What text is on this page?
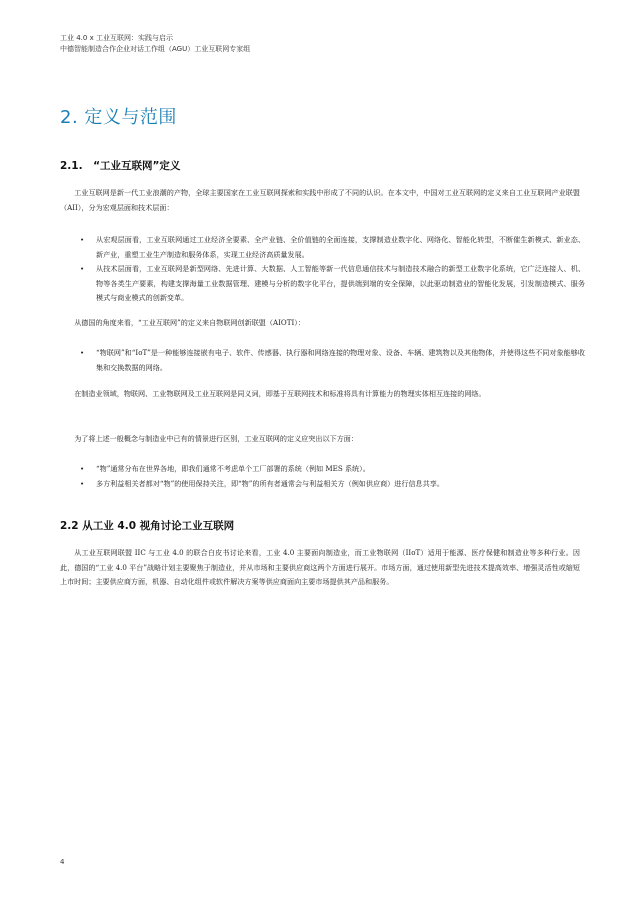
工业 4.0 x 工业互联网：实践与启示
中德智能制造合作企业对话工作组（AGU）工业互联网专家组
2. 定义与范围
2.1.　“工业互联网”定义

工业互联网是新一代工业浪潮的产物，全球主要国家在工业互联网探索和实践中形成了不同的认识。在本文中，中国对工业互联网的定义来自工业互联网产业联盟（AII），分为宏观层面和技术层面：

• 从宏观层面看，工业互联网通过工业经济全要素、全产业链、全价值链的全面连接，支撑制造业数字化、网络化、智能化转型，不断催生新模式、新业态、新产业，重塑工业生产制造和服务体系，实现工业经济高质量发展。
• 从技术层面看，工业互联网是新型网络、先进计算、大数据、人工智能等新一代信息通信技术与制造技术融合的新型工业数字化系统，它广泛连接人、机、物等各类生产要素，构建支撑海量工业数据管理、建模与分析的数字化平台，提供端到端的安全保障，以此驱动制造业的智能化发展，引发制造模式、服务模式与商业模式的创新变革。

从德国的角度来看，“工业互联网”的定义来自物联网创新联盟（AIOTI）：

• “物联网”和“IoT”是一种能够连接嵌有电子、软件、传感器、执行器和网络连接的物理对象、设备、车辆、建筑物以及其他物体，并使得这些不同对象能够收集和交换数据的网络。

在制造业领域，物联网、工业物联网及工业互联网是同义词，即基于互联网技术和标准将具有计算能力的物理实体相互连接的网络。

为了将上述一般概念与制造业中已有的情景进行区别，工业互联网的定义应突出以下方面：

• “物”通常分布在世界各地，即我们通常不考虑单个工厂部署的系统（例如 MES 系统）。
• 多方利益相关者都对“物”的使用保持关注，即“物”的所有者通常会与利益相关方（例如供应商）进行信息共享。
2.2 从工业 4.0 视角讨论工业互联网

从工业互联网联盟 IIC 与工业 4.0 的联合白皮书讨论来看，工业 4.0 主要面向制造业，而工业物联网（IIoT）适用于能源、医疗保健和制造业等多种行业。因此，德国的“工业 4.0 平台”战略计划主要聚焦于制造业，并从市场和主要供应商这两个方面进行展开。市场方面，通过使用新型先进技术提高效率、增强灵活性或缩短上市时间；主要供应商方面，机器、自动化组件或软件解决方案等供应商面向主要市场提供其产品和服务。

4
